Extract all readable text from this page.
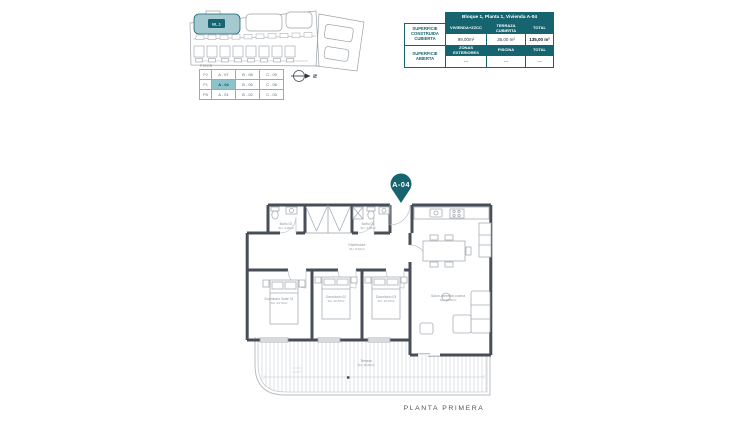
BL.1
N
PISOS
P2	A - 07	B - 08	C - 09
P1	A - 04	B - 05	C - 06
PB	A - 01	B - 02	C - 03
	Bloque 1, Planta 1, Vivienda A-04		
SUPERFICIE CONSTRUIDA CUBIERTA	VIVIENDA+ZZCC	TERRAZA CUBIERTA	TOTAL
	99,00m²	36,00 m²	135,00 m²
SUPERFICIE ABIERTA	ZONAS EXTERIORES	PISCINA	TOTAL
	---	---	---
Baño 02
SU: 4,00m²
Baño 01
SU: 4,30m²
Distribuidor
SU: 8,10m²
Dormitorio Suite 01
SU: 13,70m²
Dormitorio 02
SU: 10,70m²
Dormitorio 03
SU: 10,70m²
Salón-comedor-cocina
SU: 30,60m²
Terraza
SU: 36,00m²
A-04
PLANTA PRIMERA
